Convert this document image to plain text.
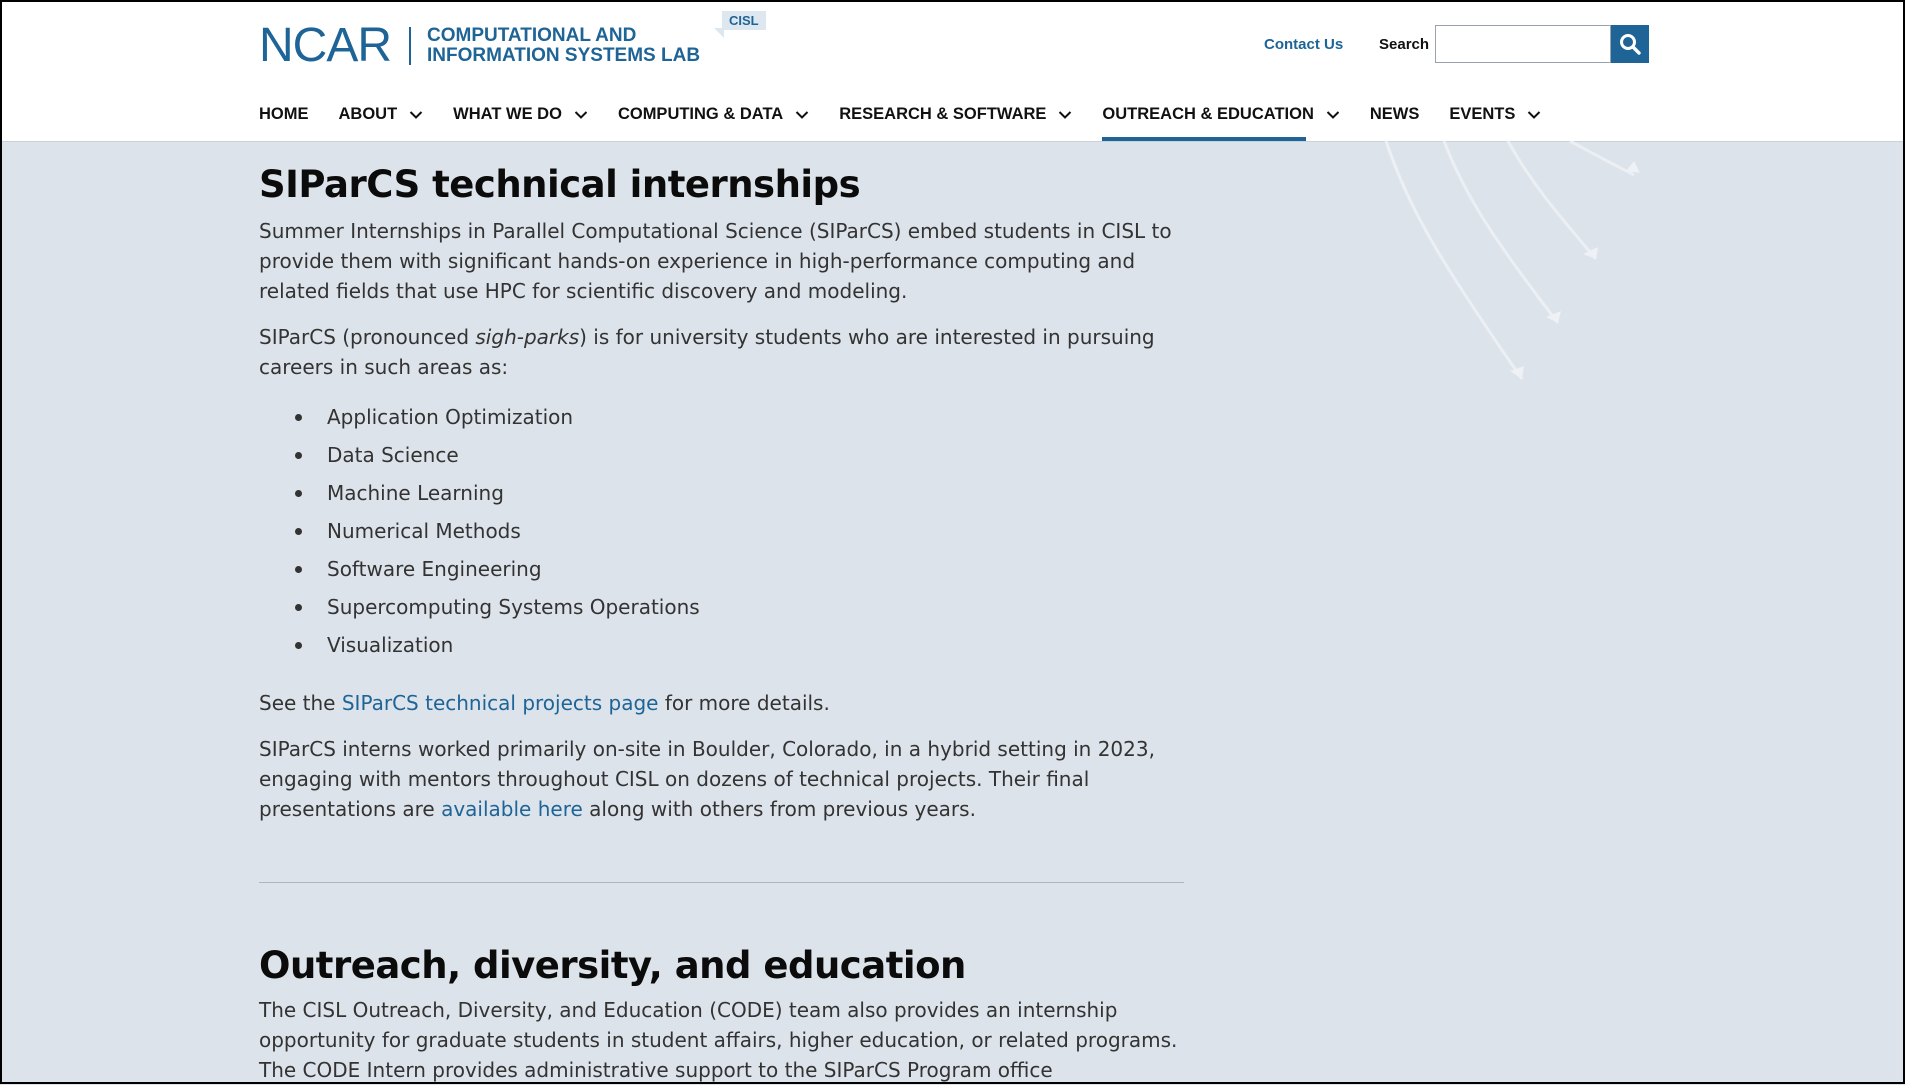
NCAR COMPUTATIONAL AND
INFORMATION SYSTEMS LAB
CISL
Contact Us Search
HOME ABOUT	WHAT WE DO	COMPUTING & DATA	RESEARCH & SOFTWARE	OUTREACH & EDUCATION	NEWS EVENTS
SIParCS technical internships

Summer Internships in Parallel Computational Science (SIParCS) embed students in CISL to provide them with significant hands-on experience in high-performance computing and related fields that use HPC for scientific discovery and modeling.

SIParCS (pronounced sigh-parks) is for university students who are interested in pursuing careers in such areas as:

Application Optimization
Data Science
Machine Learning
Numerical Methods
Software Engineering
Supercomputing Systems Operations
Visualization

See the SIParCS technical projects page for more details.

SIParCS interns worked primarily on-site in Boulder, Colorado, in a hybrid setting in 2023, engaging with mentors throughout CISL on dozens of technical projects. Their final presentations are available here along with others from previous years.

Outreach, diversity, and education

The CISL Outreach, Diversity, and Education (CODE) team also provides an internship opportunity for graduate students in student affairs, higher education, or related programs. The CODE Intern provides administrative support to the SIParCS Program office
